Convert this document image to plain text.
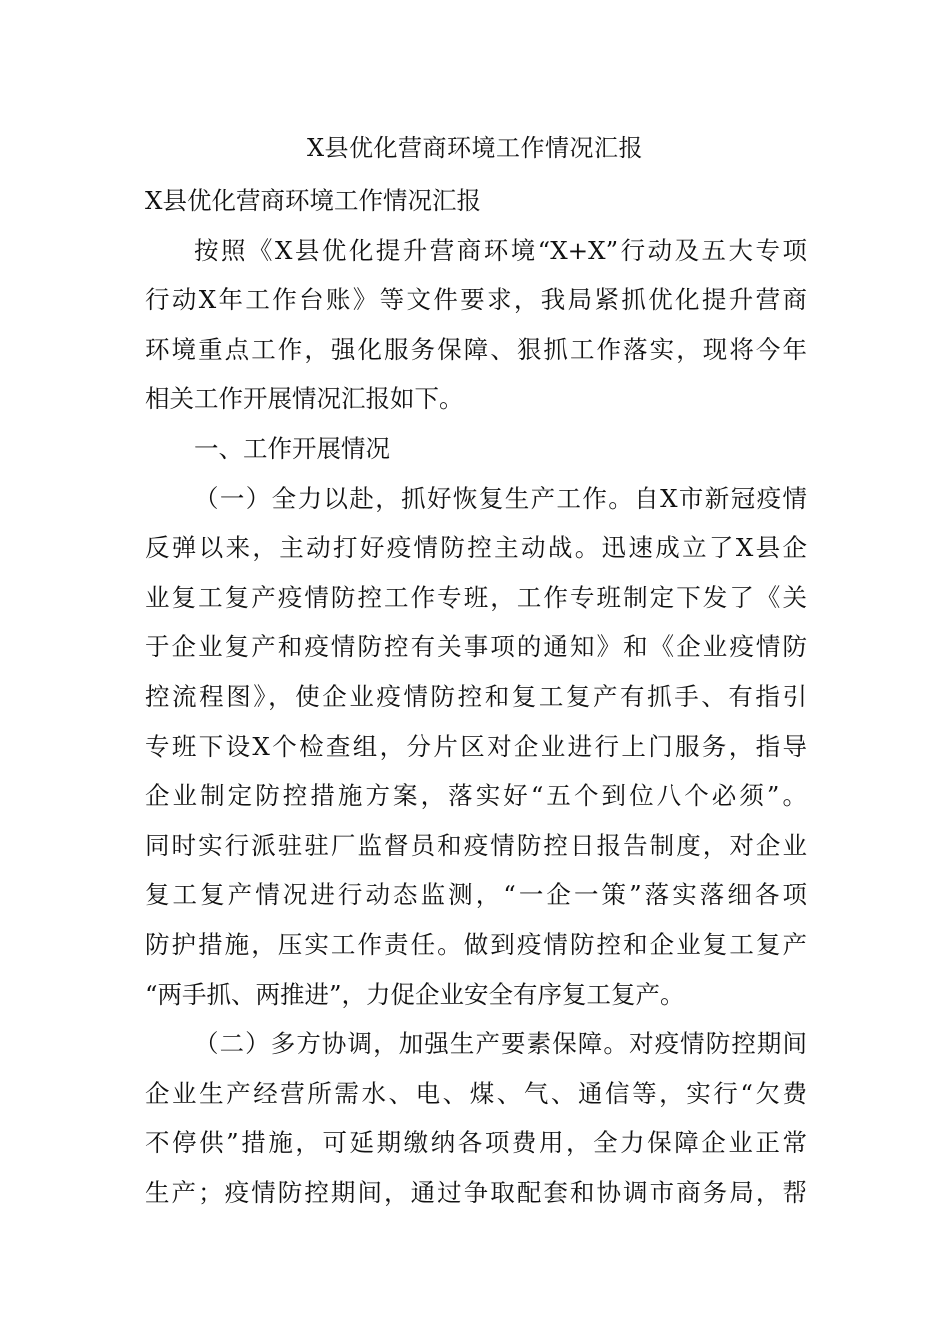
X县优化营商环境工作情况汇报
X县优化营商环境工作情况汇报
按照《X县优化提升营商环境“X+X”行动及五大专项
行动X年工作台账》等文件要求，我局紧抓优化提升营商
环境重点工作，强化服务保障、狠抓工作落实，现将今年
相关工作开展情况汇报如下。
一、工作开展情况
（一）全力以赴，抓好恢复生产工作。自X市新冠疫情
反弹以来，主动打好疫情防控主动战。迅速成立了X县企
业复工复产疫情防控工作专班，工作专班制定下发了《关
于企业复产和疫情防控有关事项的通知》和《企业疫情防
控流程图》，使企业疫情防控和复工复产有抓手、有指引
专班下设X个检查组，分片区对企业进行上门服务，指导
企业制定防控措施方案，落实好“五个到位八个必须”。
同时实行派驻驻厂监督员和疫情防控日报告制度，对企业
复工复产情况进行动态监测，“一企一策”落实落细各项
防护措施，压实工作责任。做到疫情防控和企业复工复产
“两手抓、两推进”，力促企业安全有序复工复产。
（二）多方协调，加强生产要素保障。对疫情防控期间
企业生产经营所需水、电、煤、气、通信等，实行“欠费
不停供”措施，可延期缴纳各项费用，全力保障企业正常
生产；疫情防控期间，通过争取配套和协调市商务局，帮
